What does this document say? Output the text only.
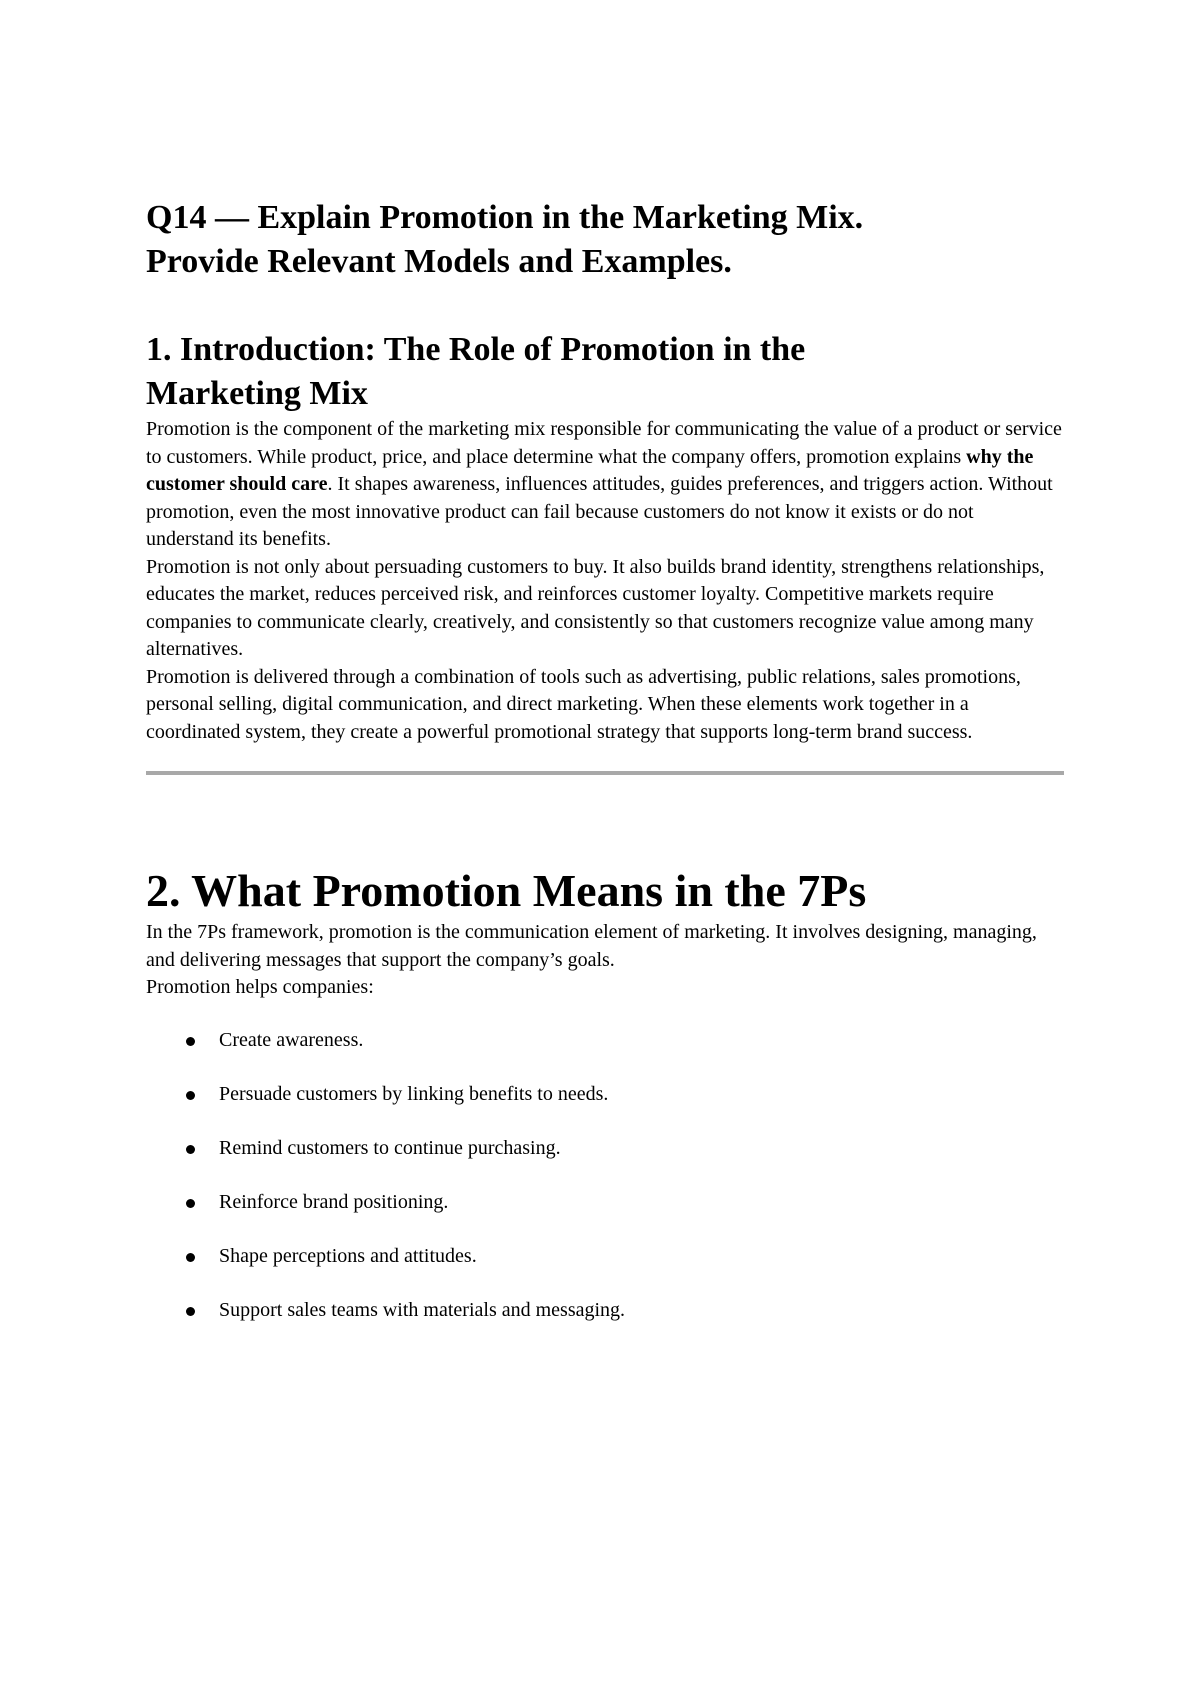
Q14 — Explain Promotion in the Marketing Mix.
Provide Relevant Models and Examples.
1. Introduction: The Role of Promotion in the
Marketing Mix

Promotion is the component of the marketing mix responsible for communicating the value of a product or service to customers. While product, price, and place determine what the company offers, promotion explains why the customer should care. It shapes awareness, influences attitudes, guides preferences, and triggers action. Without promotion, even the most innovative product can fail because customers do not know it exists or do not understand its benefits.

Promotion is not only about persuading customers to buy. It also builds brand identity, strengthens relationships, educates the market, reduces perceived risk, and reinforces customer loyalty. Competitive markets require companies to communicate clearly, creatively, and consistently so that customers recognize value among many alternatives.

Promotion is delivered through a combination of tools such as advertising, public relations, sales promotions, personal selling, digital communication, and direct marketing. When these elements work together in a coordinated system, they create a powerful promotional strategy that supports long-term brand success.

2. What Promotion Means in the 7Ps

In the 7Ps framework, promotion is the communication element of marketing. It involves designing, managing, and delivering messages that support the company’s goals.

Promotion helps companies:

Create awareness.
Persuade customers by linking benefits to needs.
Remind customers to continue purchasing.
Reinforce brand positioning.
Shape perceptions and attitudes.
Support sales teams with materials and messaging.
